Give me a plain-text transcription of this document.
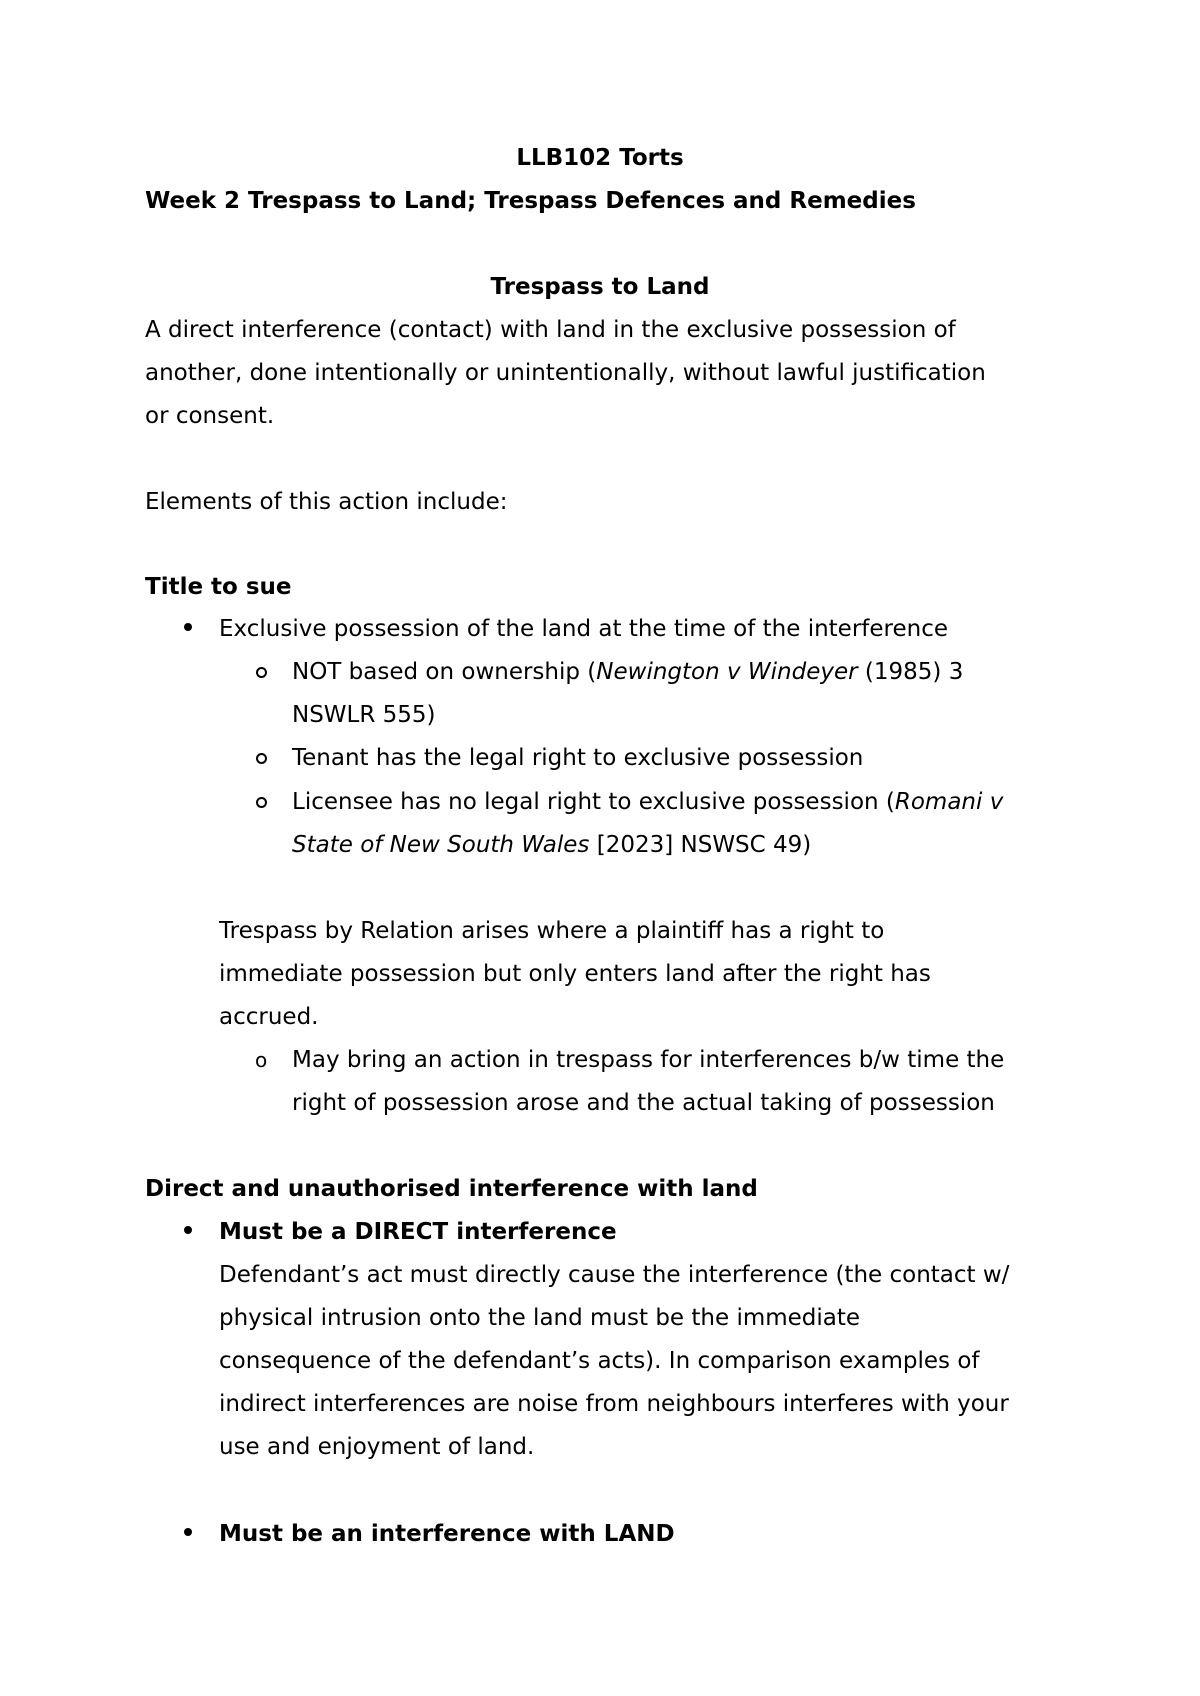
LLB102 Torts
Week 2 Trespass to Land; Trespass Defences and Remedies
Trespass to Land
A direct interference (contact) with land in the exclusive possession of
another, done intentionally or unintentionally, without lawful justification
or consent.
Elements of this action include:
Title to sue
Exclusive possession of the land at the time of the interference
NOT based on ownership (Newington v Windeyer (1985) 3
NSWLR 555)
Tenant has the legal right to exclusive possession
Licensee has no legal right to exclusive possession (Romani v
State of New South Wales [2023] NSWSC 49)
Trespass by Relation arises where a plaintiff has a right to
immediate possession but only enters land after the right has
accrued.
o May bring an action in trespass for interferences b/w time the
right of possession arose and the actual taking of possession
Direct and unauthorised interference with land
Must be a DIRECT interference
Defendant’s act must directly cause the interference (the contact w/
physical intrusion onto the land must be the immediate
consequence of the defendant’s acts). In comparison examples of
indirect interferences are noise from neighbours interferes with your
use and enjoyment of land.
Must be an interference with LAND
